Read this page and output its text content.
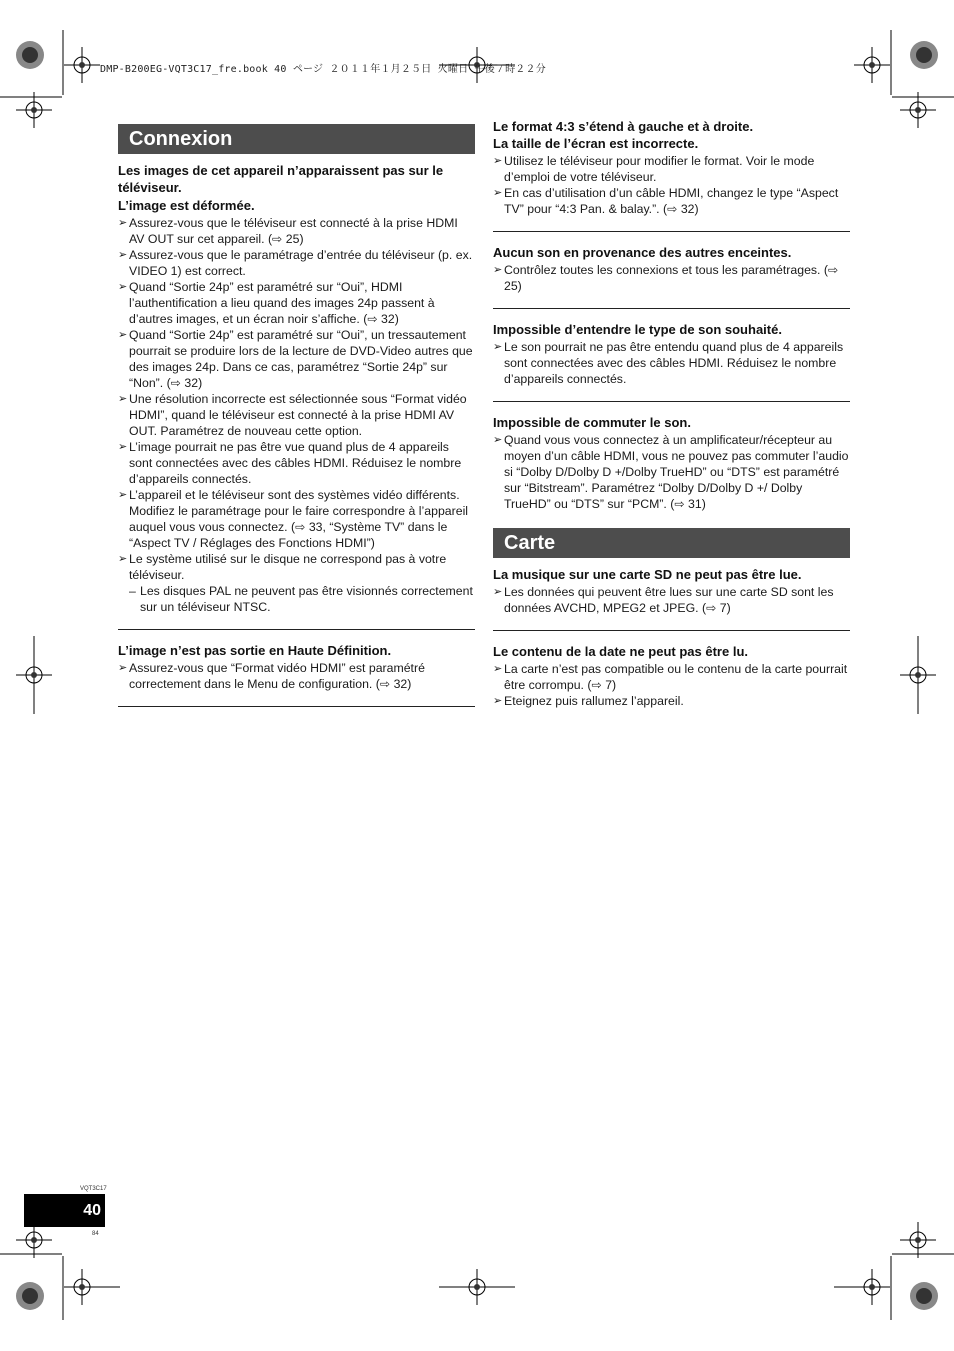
DMP-B200EG-VQT3C17_fre.book 40 ページ ２０１１年１月２５日 火曜日 午後７時２２分
Connexion
Les images de cet appareil n’apparaissent pas sur le téléviseur.
L’image est déformée.
➢ Assurez-vous que le téléviseur est connecté à la prise HDMI AV OUT sur cet appareil. (⇨ 25)
➢ Assurez-vous que le paramétrage d’entrée du téléviseur (p. ex. VIDEO 1) est correct.
➢ Quand “Sortie 24p” est paramétré sur “Oui”, HDMI l’authentification a lieu quand des images 24p passent à d’autres images, et un écran noir s’affiche. (⇨ 32)
➢ Quand “Sortie 24p” est paramétré sur “Oui”, un tressautement pourrait se produire lors de la lecture de DVD-Video autres que des images 24p. Dans ce cas, paramétrez “Sortie 24p” sur “Non”. (⇨ 32)
➢ Une résolution incorrecte est sélectionnée sous “Format vidéo HDMI”, quand le téléviseur est connecté à la prise HDMI AV OUT. Paramétrez de nouveau cette option.
➢ L’image pourrait ne pas être vue quand plus de 4 appareils sont connectées avec des câbles HDMI. Réduisez le nombre d’appareils connectés.
➢ L’appareil et le téléviseur sont des systèmes vidéo différents. Modifiez le paramétrage pour le faire correspondre à l’appareil auquel vous vous connectez. (⇨ 33, “Système TV” dans le “Aspect TV / Réglages des Fonctions HDMI”)
➢ Le système utilisé sur le disque ne correspond pas à votre téléviseur.
– Les disques PAL ne peuvent pas être visionnés correctement sur un téléviseur NTSC.
L’image n’est pas sortie en Haute Définition.
➢ Assurez-vous que “Format vidéo HDMI” est paramétré correctement dans le Menu de configuration. (⇨ 32)
Le format 4:3 s’étend à gauche et à droite.
La taille de l’écran est incorrecte.
➢ Utilisez le téléviseur pour modifier le format. Voir le mode d’emploi de votre téléviseur.
➢ En cas d’utilisation d’un câble HDMI, changez le type “Aspect TV” pour “4:3 Pan. & balay.”. (⇨ 32)
Aucun son en provenance des autres enceintes.
➢ Contrôlez toutes les connexions et tous les paramétrages. (⇨ 25)
Impossible d’entendre le type de son souhaité.
➢ Le son pourrait ne pas être entendu quand plus de 4 appareils sont connectées avec des câbles HDMI. Réduisez le nombre d’appareils connectés.
Impossible de commuter le son.
➢ Quand vous vous connectez à un amplificateur/récepteur au moyen d’un câble HDMI, vous ne pouvez pas commuter l’audio si “Dolby D/Dolby D +/Dolby TrueHD” ou “DTS” est paramétré sur “Bitstream”. Paramétrez “Dolby D/Dolby D +/ Dolby TrueHD” ou “DTS” sur “PCM”. (⇨ 31)
Carte
La musique sur une carte SD ne peut pas être lue.
➢ Les données qui peuvent être lues sur une carte SD sont les données AVCHD, MPEG2 et JPEG. (⇨ 7)
Le contenu de la date ne peut pas être lu.
➢ La carte n’est pas compatible ou le contenu de la carte pourrait être corrompu. (⇨ 7)
➢ Eteignez puis rallumez l’appareil.
VQT3C17
40
84
